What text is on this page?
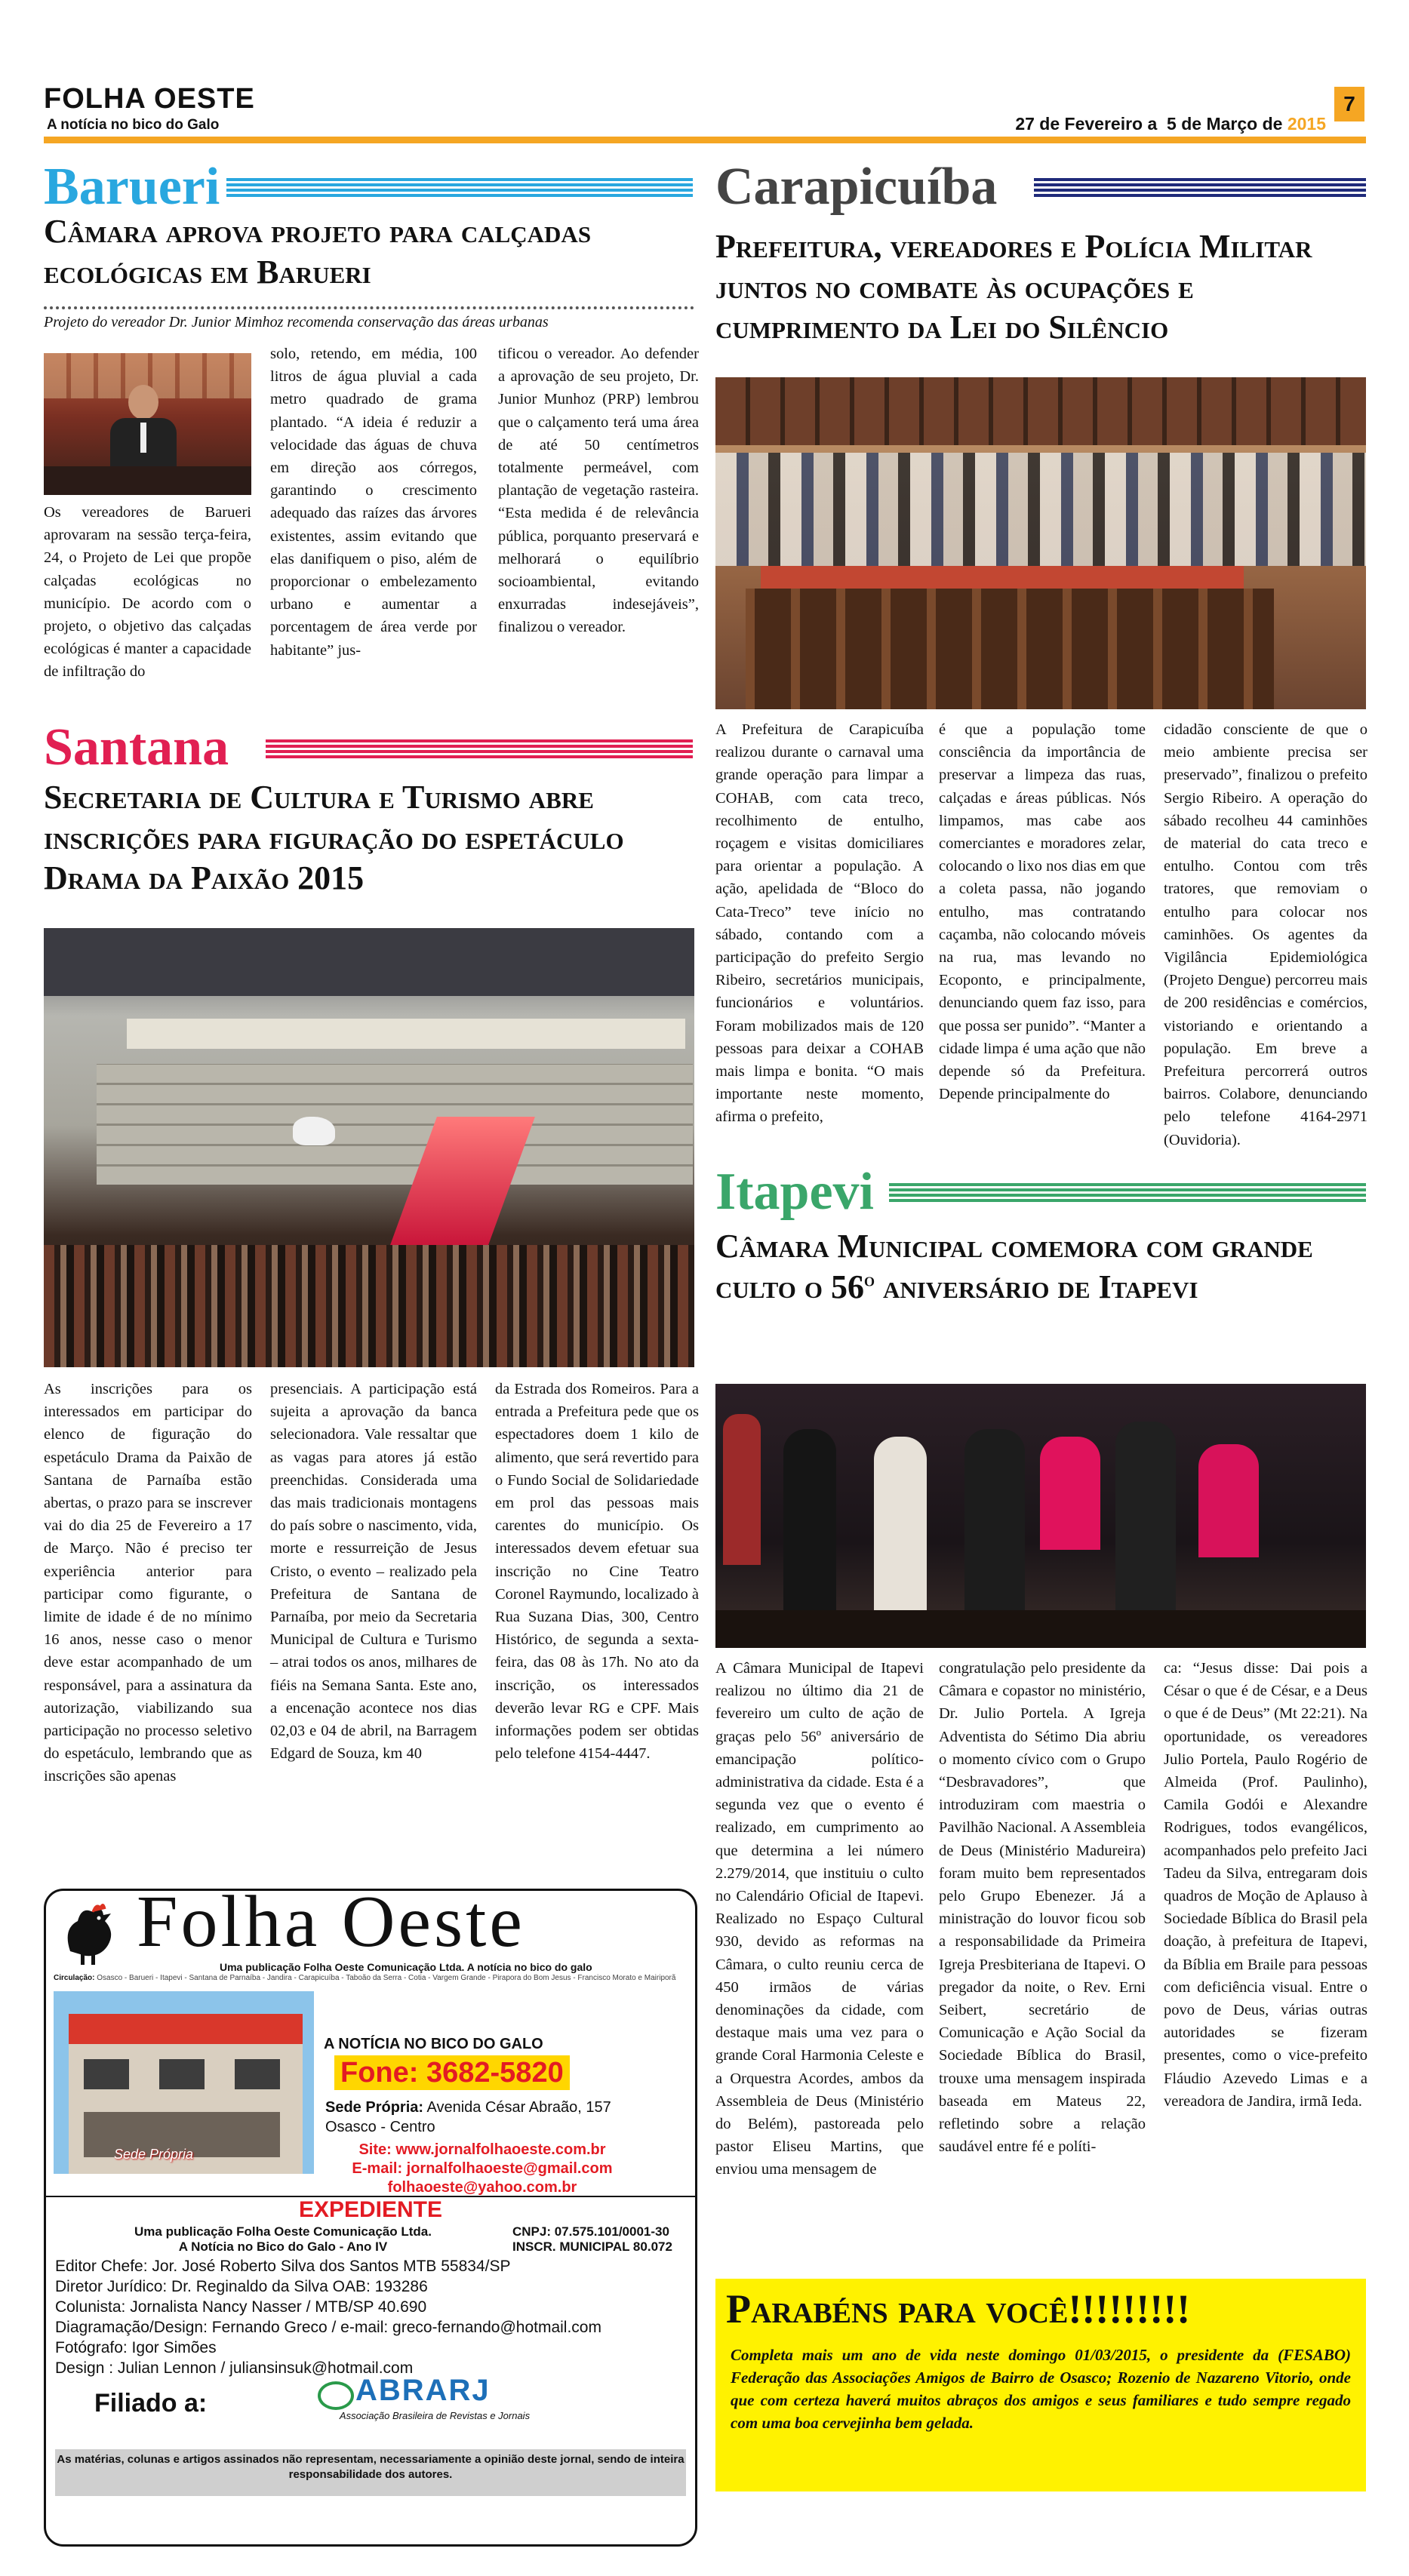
FOLHA OESTE
A notícia no bico do Galo	27 de Fevereiro a  5 de Março de 2015

7
Barueri
Câmara aprova projeto para calçadas ecológicas em Barueri
Projeto do vereador Dr. Junior Mimhoz recomenda conservação das áreas urbanas

Os vereadores de Barueri aprovaram na sessão terça-feira, 24, o Projeto de Lei que propõe calçadas ecológicas no município. De acordo com o projeto, o objetivo das calçadas ecológicas é manter a capacidade de infiltração do

solo, retendo, em média, 100 litros de água pluvial a cada metro quadrado de grama plantado. “A ideia é reduzir a velocidade das águas de chuva em direção aos córregos, garantindo o crescimento adequado das raízes das árvores existentes, assim evitando que elas danifiquem o piso, além de proporcionar o embelezamento urbano e aumentar a porcentagem de área verde por habitante” jus-

tificou o vereador. Ao defender a aprovação de seu projeto, Dr. Junior Munhoz (PRP) lembrou que o calçamento terá uma área de até 50 centímetros totalmente permeável, com plantação de vegetação rasteira. “Esta medida é de relevância pública, porquanto preservará e melhorará o equilíbrio socioambiental, evitando enxurradas indesejáveis”, finalizou o vereador.

Santana
Secretaria de Cultura e Turismo abre inscrições para figuração do espetáculo Drama da Paixão 2015

As inscrições para os interessados em participar do elenco de figuração do espetáculo Drama da Paixão de Santana de Parnaíba estão abertas, o prazo para se inscrever vai do dia 25 de Fevereiro a 17 de Março. Não é preciso ter experiência anterior para participar como figurante, o limite de idade é de no mínimo 16 anos, nesse caso o menor deve estar acompanhado de um responsável, para a assinatura da autorização, viabilizando sua participação no processo seletivo do espetáculo, lembrando que as inscrições são apenas

presenciais. A participação está sujeita a aprovação da banca selecionadora. Vale ressaltar que as vagas para atores já estão preenchidas. Considerada uma das mais tradicionais montagens do país sobre o nascimento, vida, morte e ressurreição de Jesus Cristo, o evento – realizado pela Prefeitura de Santana de Parnaíba, por meio da Secretaria Municipal de Cultura e Turismo – atrai todos os anos, milhares de fiéis na Semana Santa. Este ano, a encenação acontece nos dias 02,03 e 04 de abril, na Barragem Edgard de Souza, km 40

da Estrada dos Romeiros. Para a entrada a Prefeitura pede que os espectadores doem 1 kilo de alimento, que será revertido para o Fundo Social de Solidariedade em prol das pessoas mais carentes do município. Os interessados devem efetuar sua inscrição no Cine Teatro Coronel Raymundo, localizado à Rua Suzana Dias, 300, Centro Histórico, de segunda a sexta-feira, das 08 às 17h. No ato da inscrição, os interessados deverão levar RG e CPF. Mais informações podem ser obtidas pelo telefone 4154-4447.

Folha Oeste
Uma publicação Folha Oeste Comunicação Ltda. A notícia no bico do galo
Circulação: Osasco - Barueri - Itapevi - Santana de Parnaíba - Jandira - Carapicuíba - Taboão da Serra - Cotia - Vargem Grande - Pirapora do Bom Jesus - Francisco Morato e Mairiporã
Sede Própria
A NOTÍCIA NO BICO DO GALO
Fone: 3682-5820
Sede Própria: Avenida César Abraão, 157
Osasco - Centro
Site: www.jornalfolhaoeste.com.br
E-mail: jornalfolhaoeste@gmail.com
folhaoeste@yahoo.com.br
EXPEDIENTE
Uma publicação Folha Oeste Comunicação Ltda.
A Notícia no Bico do Galo - Ano IV
CNPJ: 07.575.101/0001-30
INSCR. MUNICIPAL 80.072
Editor Chefe: Jor. José Roberto Silva dos Santos MTB 55834/SP
Diretor Jurídico: Dr. Reginaldo da Silva OAB: 193286
Colunista: Jornalista Nancy Nasser / MTB/SP 40.690
Diagramação/Design: Fernando Greco / e-mail: greco-fernando@hotmail.com
Fotógrafo: Igor Simões
Design : Julian Lennon / juliansinsuk@hotmail.com
Filiado a:	ABRARJ
Associação Brasileira de Revistas e Jornais
As matérias, colunas e artigos assinados não representam, necessariamente a opinião deste jornal, sendo de inteira responsabilidade dos autores.
Carapicuíba
Prefeitura, vereadores e Polícia Militar juntos no combate às ocupações e cumprimento da Lei do Silêncio

A Prefeitura de Carapicuíba realizou durante o carnaval uma grande operação para limpar a COHAB, com cata treco, recolhimento de entulho, roçagem e visitas domiciliares para orientar a população. A ação, apelidada de “Bloco do Cata-Treco” teve início no sábado, contando com a participação do prefeito Sergio Ribeiro, secretários municipais, funcionários e voluntários. Foram mobilizados mais de 120 pessoas para deixar a COHAB mais limpa e bonita. “O mais importante neste momento, afirma o prefeito,

é que a população tome consciência da importância de preservar a limpeza das ruas, calçadas e áreas públicas. Nós limpamos, mas cabe aos comerciantes e moradores zelar, colocando o lixo nos dias em que a coleta passa, não jogando entulho, mas contratando caçamba, não colocando móveis na rua, mas levando no Ecoponto, e principalmente, denunciando quem faz isso, para que possa ser punido”. “Manter a cidade limpa é uma ação que não depende só da Prefeitura. Depende principalmente do

cidadão consciente de que o meio ambiente precisa ser preservado”, finalizou o prefeito Sergio Ribeiro. A operação do sábado recolheu 44 caminhões de material do cata treco e entulho. Contou com três tratores, que removiam o entulho para colocar nos caminhões. Os agentes da Vigilância Epidemiológica (Projeto Dengue) percorreu mais de 200 residências e comércios, vistoriando e orientando a população. Em breve a Prefeitura percorrerá outros bairros. Colabore, denunciando pelo telefone 4164-2971 (Ouvidoria).

Itapevi
Câmara Municipal comemora com grande culto o 56$^o$ aniversário de Itapevi

A Câmara Municipal de Itapevi realizou no último dia 21 de fevereiro um culto de ação de graças pelo 56º aniversário de emancipação político-administrativa da cidade. Esta é a segunda vez que o evento é realizado, em cumprimento ao que determina a lei número 2.279/2014, que instituiu o culto no Calendário Oficial de Itapevi. Realizado no Espaço Cultural 930, devido as reformas na Câmara, o culto reuniu cerca de 450 irmãos de várias denominações da cidade, com destaque mais uma vez para o grande Coral Harmonia Celeste e a Orquestra Acordes, ambos da Assembleia de Deus (Ministério do Belém), pastoreada pelo pastor Eliseu Martins, que enviou uma mensagem de

congratulação pelo presidente da Câmara e copastor no ministério, Dr. Julio Portela. A Igreja Adventista do Sétimo Dia abriu o momento cívico com o Grupo “Desbravadores”, que introduziram com maestria o Pavilhão Nacional. A Assembleia de Deus (Ministério Madureira) foram muito bem representados pelo Grupo Ebenezer. Já a ministração do louvor ficou sob a responsabilidade da Primeira Igreja Presbiteriana de Itapevi. O pregador da noite, o Rev. Erni Seibert, secretário de Comunicação e Ação Social da Sociedade Bíblica do Brasil, trouxe uma mensagem inspirada baseada em Mateus 22, refletindo sobre a relação saudável entre fé e políti-

ca: “Jesus disse: Dai pois a César o que é de César, e a Deus o que é de Deus” (Mt 22:21). Na oportunidade, os vereadores Julio Portela, Paulo Rogério de Almeida (Prof. Paulinho), Camila Godói e Alexandre Rodrigues, todos evangélicos, acompanhados pelo prefeito Jaci Tadeu da Silva, entregaram dois quadros de Moção de Aplauso à Sociedade Bíblica do Brasil pela doação, à prefeitura de Itapevi, da Bíblia em Braile para pessoas com deficiência visual. Entre o povo de Deus, várias outras autoridades se fizeram presentes, como o vice-prefeito Fláudio Azevedo Limas e a vereadora de Jandira, irmã Ieda.

Parabéns para você!!!!!!!!!
Completa mais um ano de vida neste domingo 01/03/2015, o presidente da (FESABO) Federação das Associações Amigos de Bairro de Osasco; Rozenio de Nazareno Vitorio, onde que com certeza haverá muitos abraços dos amigos e seus familiares e tudo sempre regado com uma boa cervejinha bem gelada.
